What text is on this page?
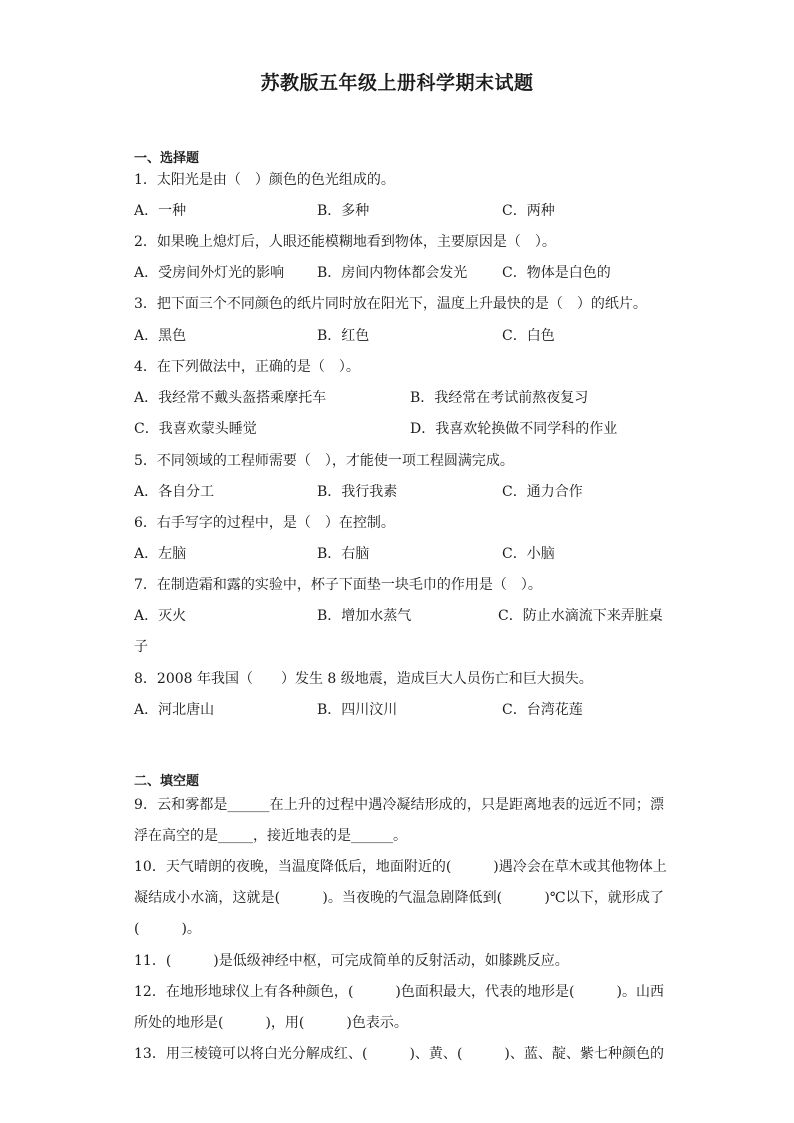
苏教版五年级上册科学期末试题
一、选择题
1．太阳光是由（　）颜色的色光组成的。
A．一种	B．多种	C．两种
2．如果晚上熄灯后，人眼还能模糊地看到物体，主要原因是（　）。
A．受房间外灯光的影响 B．房间内物体都会发光 C．物体是白色的
3．把下面三个不同颜色的纸片同时放在阳光下，温度上升最快的是（　）的纸片。
A．黑色	B．红色	C．白色
4．在下列做法中，正确的是（　）。
A．我经常不戴头盔搭乘摩托车	B．我经常在考试前熬夜复习
C．我喜欢蒙头睡觉	D．我喜欢轮换做不同学科的作业
5．不同领域的工程师需要（　），才能使一项工程圆满完成。
A．各自分工	B．我行我素	C．通力合作
6．右手写字的过程中，是（　）在控制。
A．左脑	B．右脑	C．小脑
7．在制造霜和露的实验中，杯子下面垫一块毛巾的作用是（　）。
A．灭火	B．增加水蒸气	C．防止水滴流下来弄脏桌
子
8．2008 年我国（　　）发生 8 级地震，造成巨大人员伤亡和巨大损失。
A．河北唐山	B．四川汶川	C．台湾花莲
二、填空题
9．云和雾都是______在上升的过程中遇冷凝结形成的，只是距离地表的远近不同；漂
浮在高空的是_____，接近地表的是______。
10．天气晴朗的夜晚，当温度降低后，地面附近的(　　　)遇冷会在草木或其他物体上
凝结成小水滴，这就是(　　　)。当夜晚的气温急剧降低到(　　　)℃以下，就形成了
(　　　)。
11．(　　　)是低级神经中枢，可完成简单的反射活动，如膝跳反应。
12．在地形地球仪上有各种颜色，(　　　)色面积最大，代表的地形是(　　　)。山西
所处的地形是(　　　)，用(　　　)色表示。
13．用三棱镜可以将白光分解成红、(　　　)、黄、(　　　)、蓝、靛、紫七种颜色的
